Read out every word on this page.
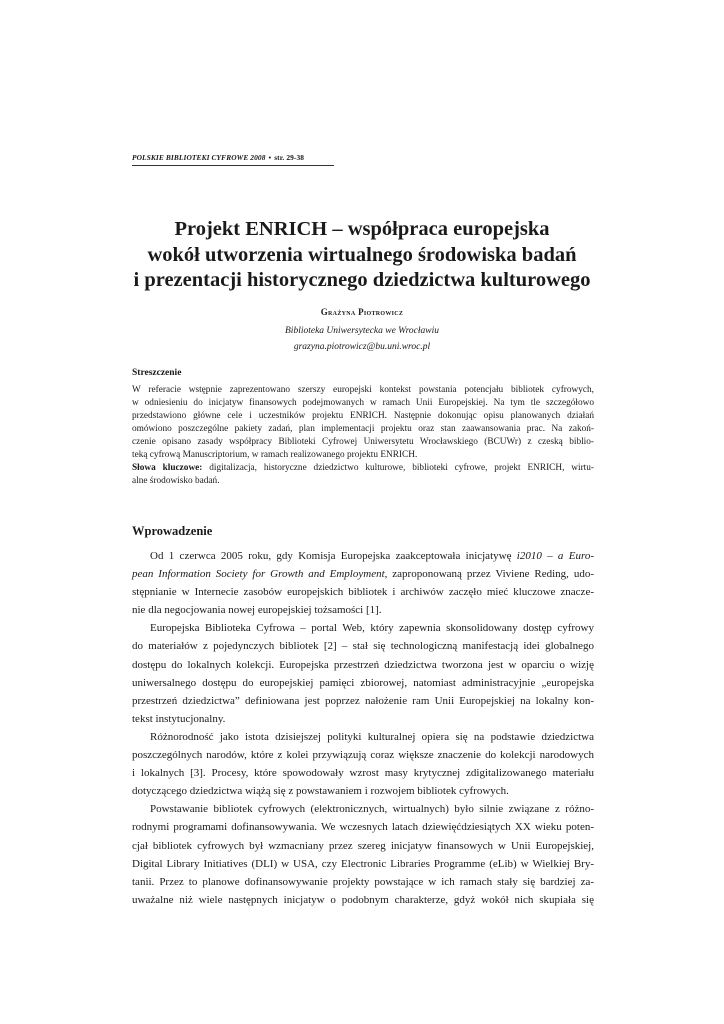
POLSKIE BIBLIOTEKI CYFROWE 2008 • str. 29-38
Projekt ENRICH – współpraca europejska
wokół utworzenia wirtualnego środowiska badań
i prezentacji historycznego dziedzictwa kulturowego
Grażyna Piotrowicz
Biblioteka Uniwersytecka we Wrocławiu
grazyna.piotrowicz@bu.uni.wroc.pl
Streszczenie
W referacie wstępnie zaprezentowano szerszy europejski kontekst powstania potencjału bibliotek cyfrowych,
w odniesieniu do inicjatyw finansowych podejmowanych w ramach Unii Europejskiej. Na tym tle szczegółowo
przedstawiono główne cele i uczestników projektu ENRICH. Następnie dokonując opisu planowanych działań
omówiono poszczególne pakiety zadań, plan implementacji projektu oraz stan zaawansowania prac. Na zakoń-
czenie opisano zasady współpracy Biblioteki Cyfrowej Uniwersytetu Wrocławskiego (BCUWr) z czeską biblio-
teką cyfrową Manuscriptorium, w ramach realizowanego projektu ENRICH.
Słowa kluczowe: digitalizacja, historyczne dziedzictwo kulturowe, biblioteki cyfrowe, projekt ENRICH, wirtu-
alne środowisko badań.
Wprowadzenie
Od 1 czerwca 2005 roku, gdy Komisja Europejska zaakceptowała inicjatywę i2010 – a Euro-
pean Information Society for Growth and Employment, zaproponowaną przez Viviene Reding, udo-
stępnianie w Internecie zasobów europejskich bibliotek i archiwów zaczęło mieć kluczowe znacze-
nie dla negocjowania nowej europejskiej tożsamości [1].
Europejska Biblioteka Cyfrowa – portal Web, który zapewnia skonsolidowany dostęp cyfrowy
do materiałów z pojedynczych bibliotek [2] – stał się technologiczną manifestacją idei globalnego
dostępu do lokalnych kolekcji. Europejska przestrzeń dziedzictwa tworzona jest w oparciu o wizję
uniwersalnego dostępu do europejskiej pamięci zbiorowej, natomiast administracyjnie „europejska
przestrzeń dziedzictwa” definiowana jest poprzez nałożenie ram Unii Europejskiej na lokalny kon-
tekst instytucjonalny.
Różnorodność jako istota dzisiejszej polityki kulturalnej opiera się na podstawie dziedzictwa
poszczególnych narodów, które z kolei przywiązują coraz większe znaczenie do kolekcji narodowych
i lokalnych [3]. Procesy, które spowodowały wzrost masy krytycznej zdigitalizowanego materiału
dotyczącego dziedzictwa wiążą się z powstawaniem i rozwojem bibliotek cyfrowych.
Powstawanie bibliotek cyfrowych (elektronicznych, wirtualnych) było silnie związane z różno-
rodnymi programami dofinansowywania. We wczesnych latach dziewięćdziesiątych XX wieku poten-
cjał bibliotek cyfrowych był wzmacniany przez szereg inicjatyw finansowych w Unii Europejskiej,
Digital Library Initiatives (DLI) w USA, czy Electronic Libraries Programme (eLib) w Wielkiej Bry-
tanii. Przez to planowe dofinansowywanie projekty powstające w ich ramach stały się bardziej za-
uważalne niż wiele następnych inicjatyw o podobnym charakterze, gdyż wokół nich skupiała się
